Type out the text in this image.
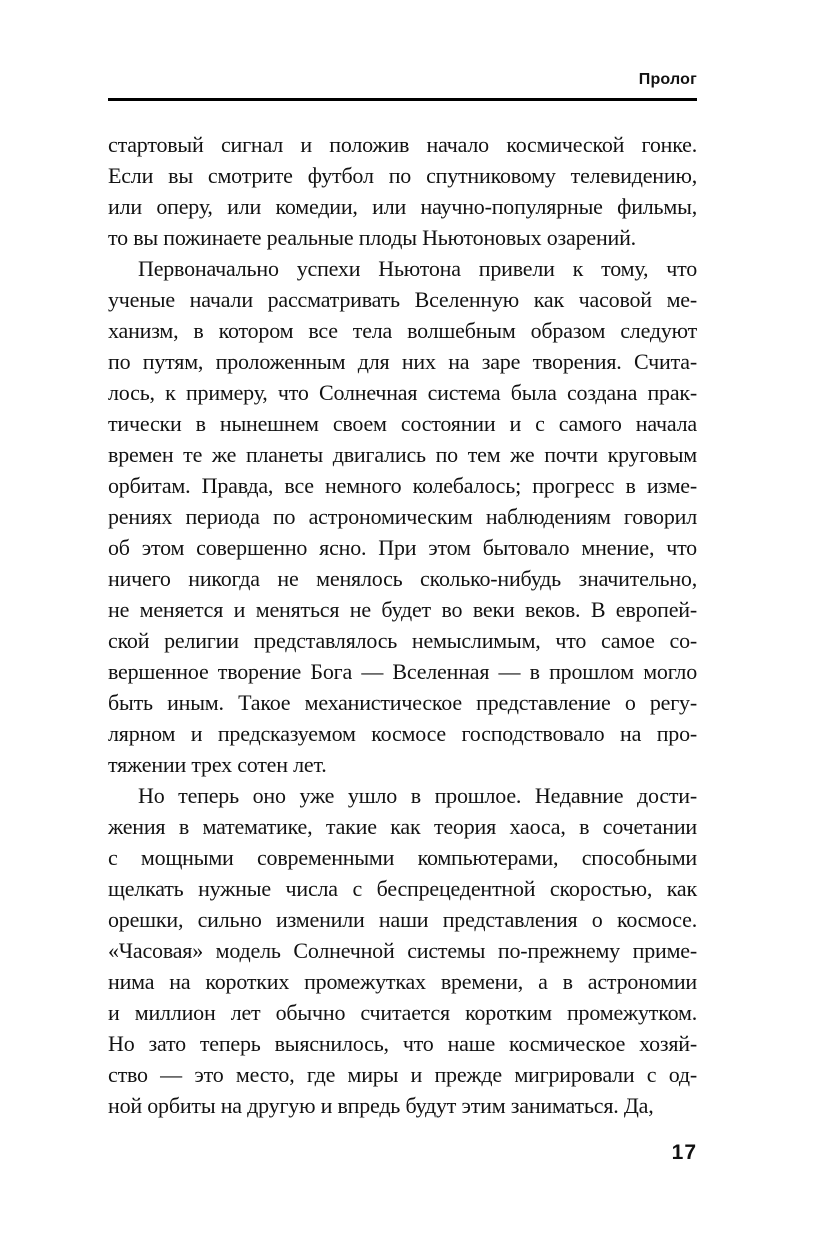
Пролог
стартовый сигнал и положив начало космической гонке.
Если вы смотрите футбол по спутниковому телевидению,
или оперу, или комедии, или научно-популярные фильмы,
то вы пожинаете реальные плоды Ньютоновых озарений.
Первоначально успехи Ньютона привели к тому, что
ученые начали рассматривать Вселенную как часовой ме-
ханизм, в котором все тела волшебным образом следуют
по путям, проложенным для них на заре творения. Счита-
лось, к примеру, что Солнечная система была создана прак-
тически в нынешнем своем состоянии и с самого начала
времен те же планеты двигались по тем же почти круговым
орбитам. Правда, все немного колебалось; прогресс в изме-
рениях периода по астрономическим наблюдениям говорил
об этом совершенно ясно. При этом бытовало мнение, что
ничего никогда не менялось сколько-нибудь значительно,
не меняется и меняться не будет во веки веков. В европей-
ской религии представлялось немыслимым, что самое со-
вершенное творение Бога — Вселенная — в прошлом могло
быть иным. Такое механистическое представление о регу-
лярном и предсказуемом космосе господствовало на про-
тяжении трех сотен лет.
Но теперь оно уже ушло в прошлое. Недавние дости-
жения в математике, такие как теория хаоса, в сочетании
с мощными современными компьютерами, способными
щелкать нужные числа с беспрецедентной скоростью, как
орешки, сильно изменили наши представления о космосе.
«Часовая» модель Солнечной системы по-прежнему приме-
нима на коротких промежутках времени, а в астрономии
и миллион лет обычно считается коротким промежутком.
Но зато теперь выяснилось, что наше космическое хозяй-
ство — это место, где миры и прежде мигрировали с од-
ной орбиты на другую и впредь будут этим заниматься. Да,
17
